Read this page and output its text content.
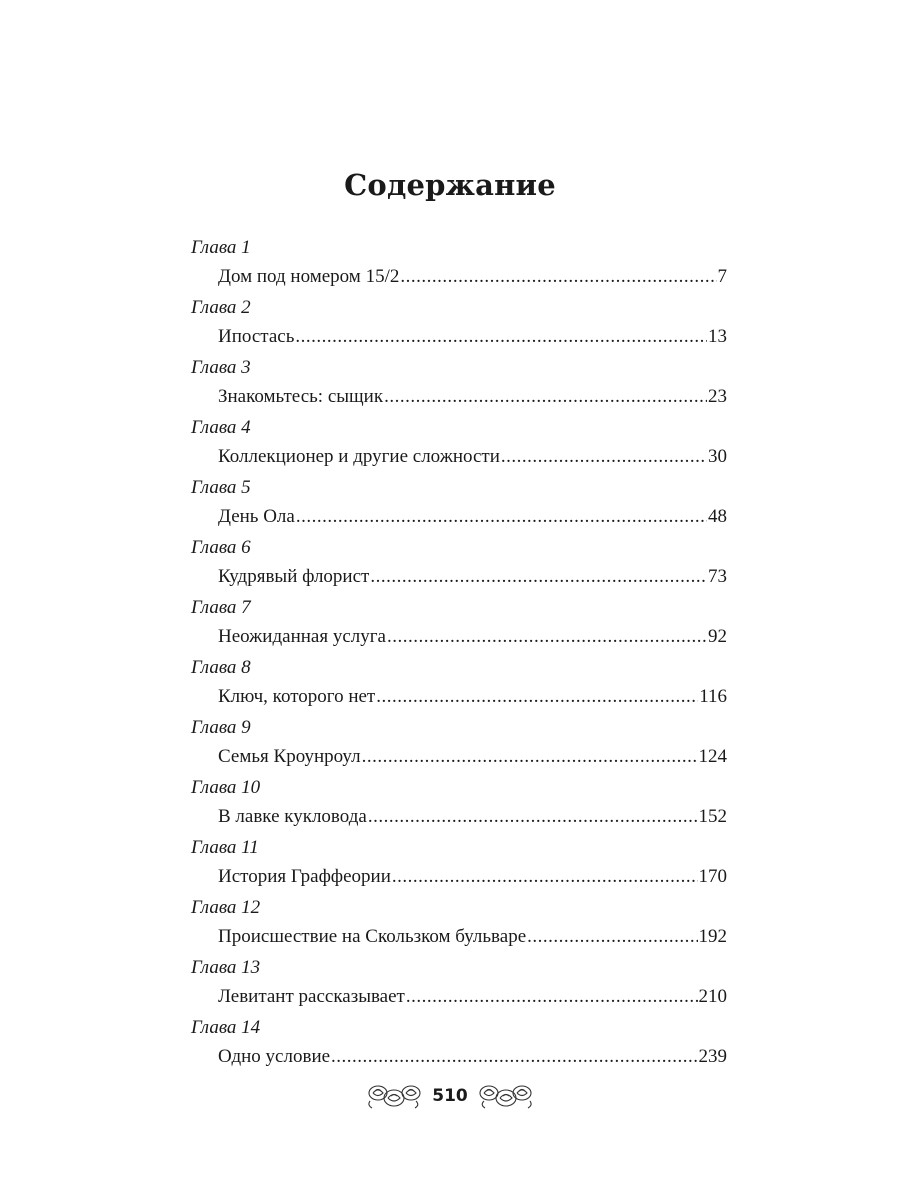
Содержание
Глава 1
Дом под номером 15/2 .....	7
Глава 2
Ипостась .....	13
Глава 3
Знакомьтесь: сыщик .....	23
Глава 4
Коллекционер и другие сложности .....	30
Глава 5
День Ола .....	48
Глава 6
Кудрявый флорист .....	73
Глава 7
Неожиданная услуга .....	92
Глава 8
Ключ, которого нет .....	116
Глава 9
Семья Кроунроул .....	124
Глава 10
В лавке кукловода .....	152
Глава 11
История Граффеории .....	170
Глава 12
Происшествие на Скользком бульваре .....	192
Глава 13
Левитант рассказывает .....	210
Глава 14
Одно условие .....	239
510
